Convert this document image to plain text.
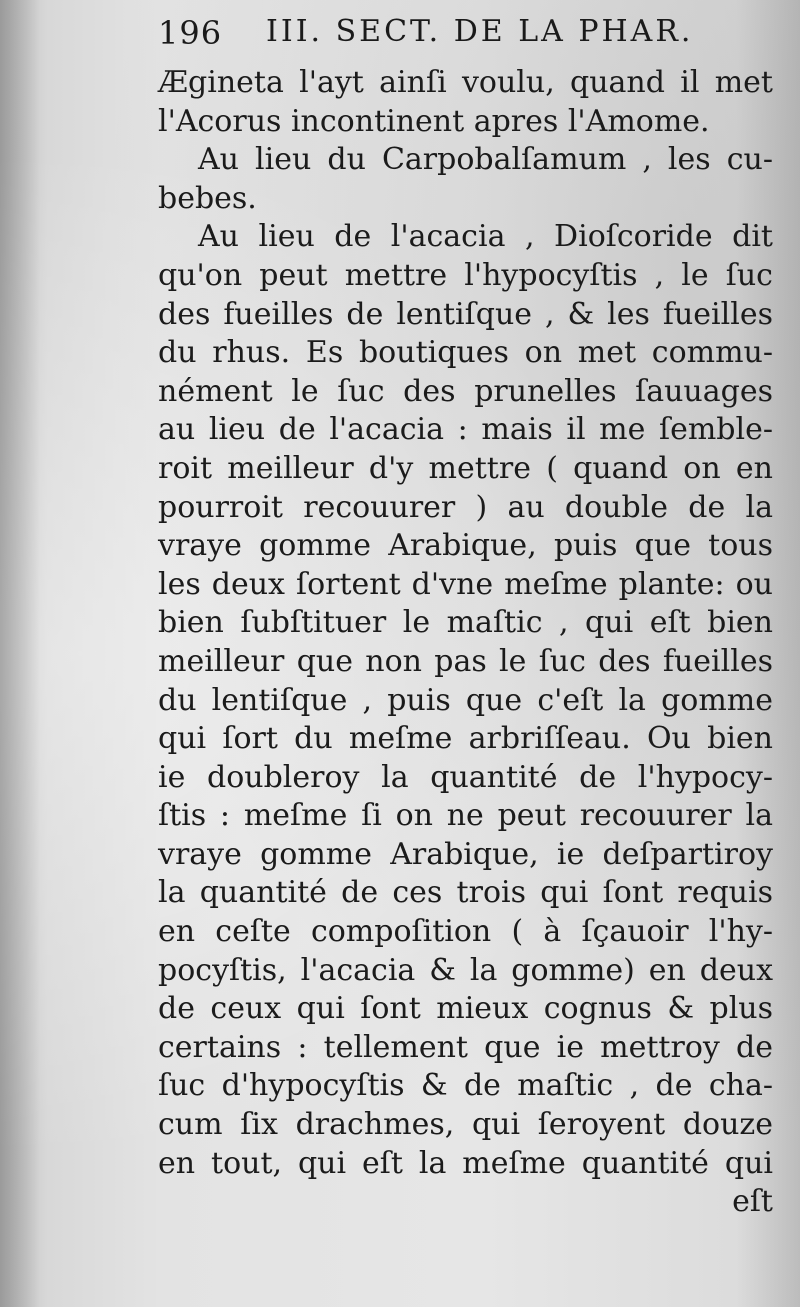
196 III. SECT. DE LA PHAR.
Ægineta l'ayt ainſi voulu, quand il met
l'Acorus incontinent apres l'Amome.
Au lieu du Carpobalſamum , les cu-
bebes.
Au lieu de l'acacia , Dioſcoride dit
qu'on peut mettre l'hypocyſtis , le ſuc
des fueilles de lentiſque , & les fueilles
du rhus. Es boutiques on met commu-
nément le ſuc des prunelles ſauuages
au lieu de l'acacia : mais il me ſemble-
roit meilleur d'y mettre ( quand on en
pourroit recouurer ) au double de la
vraye gomme Arabique, puis que tous
les deux ſortent d'vne meſme plante: ou
bien ſubſtituer le maſtic , qui eſt bien
meilleur que non pas le ſuc des fueilles
du lentiſque , puis que c'eſt la gomme
qui ſort du meſme arbriſſeau. Ou bien
ie doubleroy la quantité de l'hypocy-
ſtis : meſme ſi on ne peut recouurer la
vraye gomme Arabique, ie deſpartiroy
la quantité de ces trois qui ſont requis
en ceſte compoſition ( à ſçauoir l'hy-
pocyſtis, l'acacia & la gomme) en deux
de ceux qui ſont mieux cognus & plus
certains : tellement que ie mettroy de
ſuc d'hypocyſtis & de maſtic , de cha-
cum ſix drachmes, qui ſeroyent douze
en tout, qui eſt la meſme quantité qui
eſt
